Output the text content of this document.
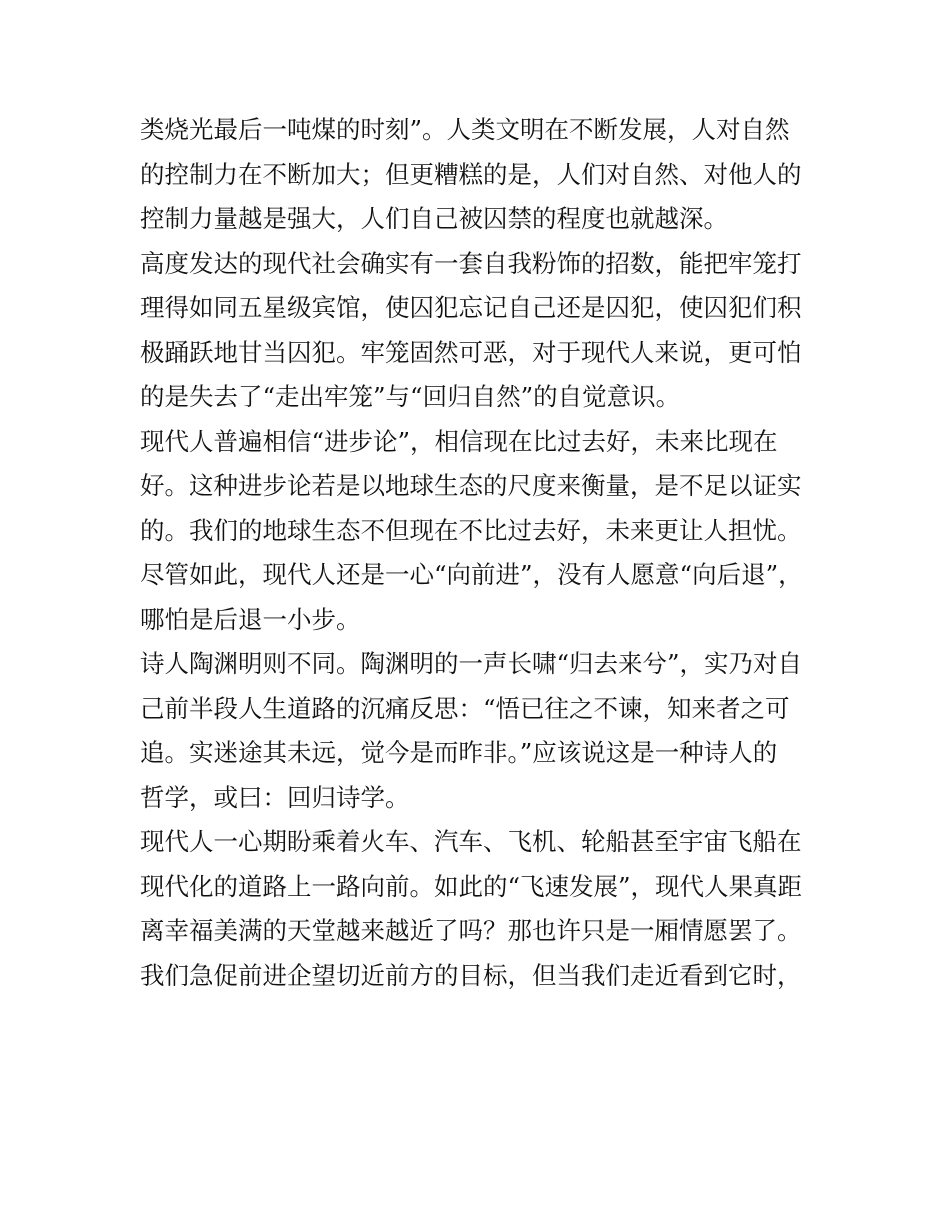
类烧光最后一吨煤的时刻”。人类文明在不断发展，人对自然
的控制力在不断加大；但更糟糕的是，人们对自然、对他人的
控制力量越是强大，人们自己被囚禁的程度也就越深。
高度发达的现代社会确实有一套自我粉饰的招数，能把牢笼打
理得如同五星级宾馆，使囚犯忘记自己还是囚犯，使囚犯们积
极踊跃地甘当囚犯。牢笼固然可恶，对于现代人来说，更可怕
的是失去了“走出牢笼”与“回归自然”的自觉意识。
现代人普遍相信“进步论”，相信现在比过去好，未来比现在
好。这种进步论若是以地球生态的尺度来衡量，是不足以证实
的。我们的地球生态不但现在不比过去好，未来更让人担忧。
尽管如此，现代人还是一心“向前进”，没有人愿意“向后退”，
哪怕是后退一小步。
诗人陶渊明则不同。陶渊明的一声长啸“归去来兮”，实乃对自
己前半段人生道路的沉痛反思：“悟已往之不谏，知来者之可
追。实迷途其未远，觉今是而昨非。”应该说这是一种诗人的
哲学，或曰：回归诗学。
现代人一心期盼乘着火车、汽车、飞机、轮船甚至宇宙飞船在
现代化的道路上一路向前。如此的“飞速发展”，现代人果真距
离幸福美满的天堂越来越近了吗？那也许只是一厢情愿罢了。
我们急促前进企望切近前方的目标，但当我们走近看到它时，
